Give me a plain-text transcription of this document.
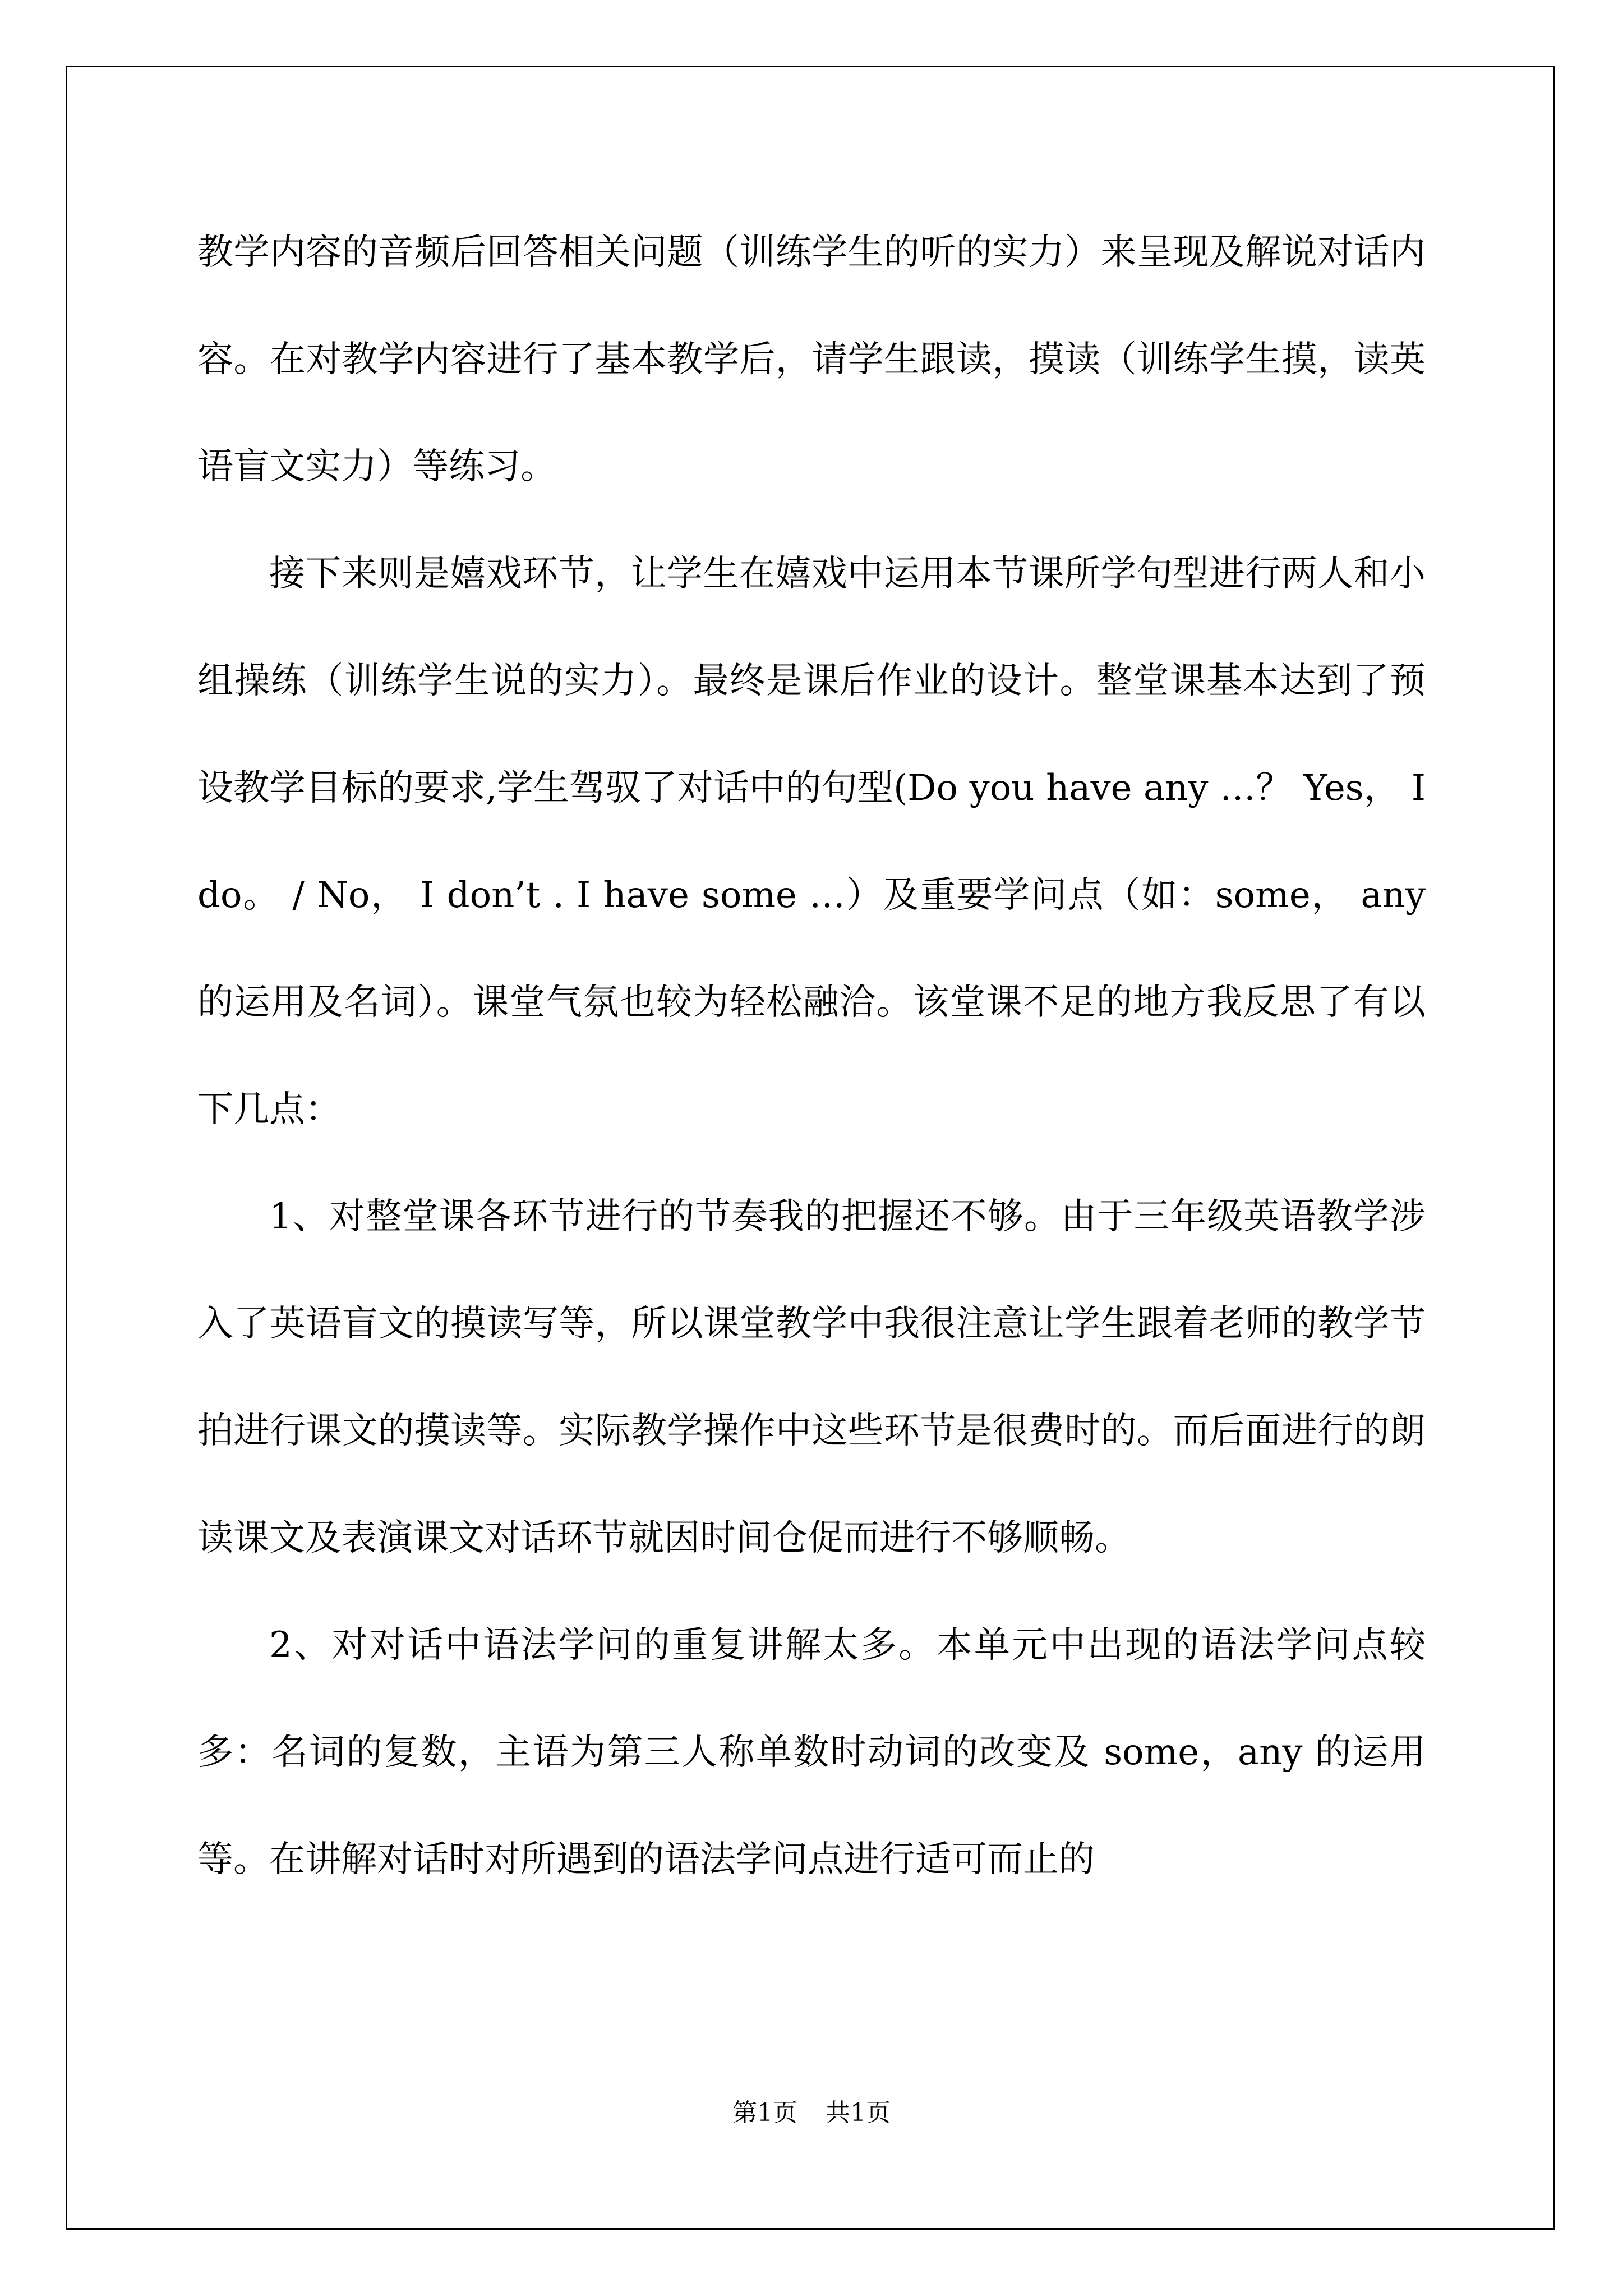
教学内容的音频后回答相关问题（训练学生的听的实力）来呈现及解说对话内容。在对教学内容进行了基本教学后，请学生跟读，摸读（训练学生摸，读英语盲文实力）等练习。

接下来则是嬉戏环节，让学生在嬉戏中运用本节课所学句型进行两人和小组操练（训练学生说的实力）。最终是课后作业的设计。整堂课基本达到了预设教学目标的要求,学生驾驭了对话中的句型(Do you have any …？ Yes， I do。 / No， I don’t . I have some …）及重要学问点（如：some， any 的运用及名词）。课堂气氛也较为轻松融洽。该堂课不足的地方我反思了有以下几点：

1、对整堂课各环节进行的节奏我的把握还不够。由于三年级英语教学涉入了英语盲文的摸读写等，所以课堂教学中我很注意让学生跟着老师的教学节拍进行课文的摸读等。实际教学操作中这些环节是很费时的。而后面进行的朗读课文及表演课文对话环节就因时间仓促而进行不够顺畅。

2、对对话中语法学问的重复讲解太多。本单元中出现的语法学问点较多：名词的复数，主语为第三人称单数时动词的改变及 some，any 的运用等。在讲解对话时对所遇到的语法学问点进行适可而止的

第1页 共1页
